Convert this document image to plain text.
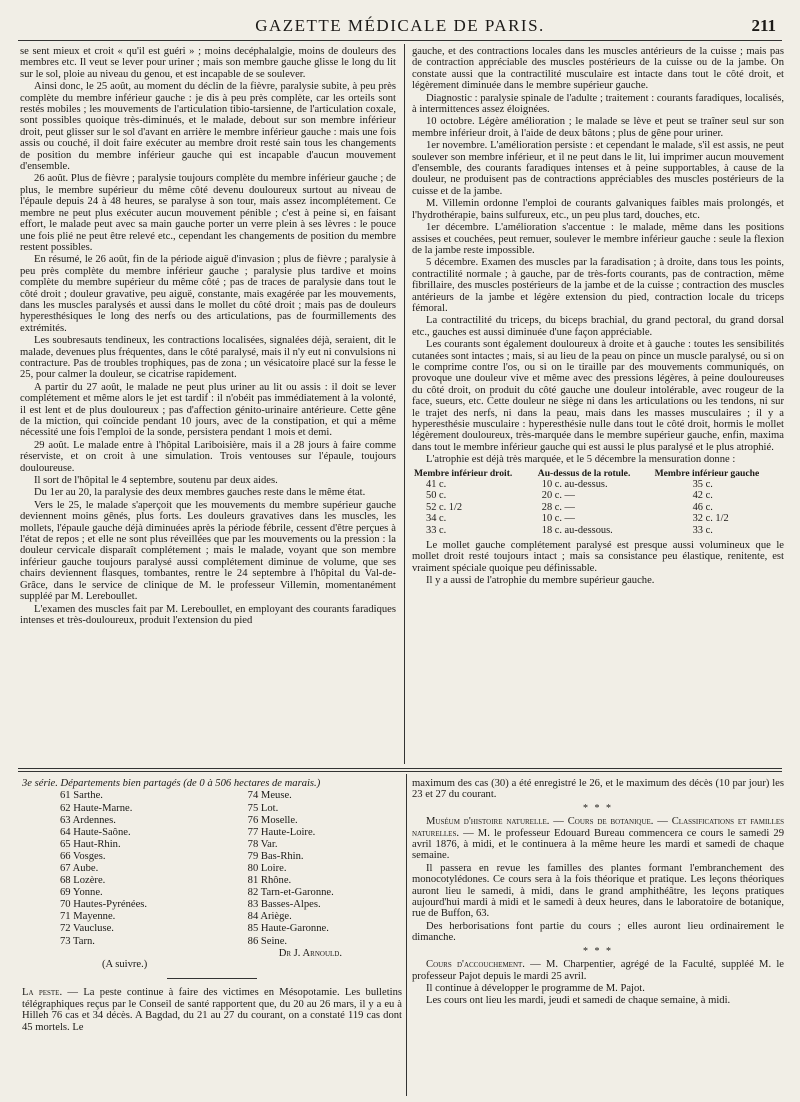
GAZETTE MÉDICALE DE PARIS.	211

se sent mieux et croit « qu'il est guéri » ; moins decéphalalgie, moins de douleurs des membres etc. Il veut se lever pour uriner ; mais son membre gauche glisse le long du lit sur le sol, ploie au niveau du genou, et est incapable de se soulever.

Ainsi donc, le 25 août, au moment du déclin de la fièvre, paralysie subite, à peu près complète du membre inférieur gauche : je dis à peu près complète, car les orteils sont restés mobiles ; les mouvements de l'articulation tibio-tarsienne, de l'articulation coxale, sont possibles quoique très-diminués, et le malade, debout sur son membre inférieur droit, peut glisser sur le sol d'avant en arrière le membre inférieur gauche : mais une fois assis ou couché, il doit faire exécuter au membre droit resté sain tous les changements de position du membre inférieur gauche qui est incapable d'aucun mouvement d'ensemble.

26 août. Plus de fièvre ; paralysie toujours complète du membre inférieur gauche ; de plus, le membre supérieur du même côté devenu douloureux surtout au niveau de l'épaule depuis 24 à 48 heures, se paralyse à son tour, mais assez incomplétement. Ce membre ne peut plus exécuter aucun mouvement pénible ; c'est à peine si, en faisant effort, le malade peut avec sa main gauche porter un verre plein à ses lèvres : le pouce une fois plié ne peut être relevé etc., cependant les changements de position du membre restent possibles.

En résumé, le 26 août, fin de la période aiguë d'invasion ; plus de fièvre ; paralysie à peu près complète du membre inférieur gauche ; paralysie plus tardive et moins complète du membre supérieur du même côté ; pas de traces de paralysie dans tout le côté droit ; douleur gravative, peu aiguë, constante, mais exagérée par les mouvements, dans les muscles paralysés et aussi dans le mollet du côté droit ; mais pas de douleurs hyperesthésiques le long des nerfs ou des articulations, pas de fourmillements des extrémités.

Les soubresauts tendineux, les contractions localisées, signalées déjà, seraient, dit le malade, devenues plus fréquentes, dans le côté paralysé, mais il n'y eut ni convulsions ni contracture. Pas de troubles trophiques, pas de zona ; un vésicatoire placé sur la fesse le 25, pour calmer la douleur, se cicatrise rapidement.

A partir du 27 août, le malade ne peut plus uriner au lit ou assis : il doit se lever complétement et même alors le jet est tardif : il n'obéit pas immédiatement à la volonté, il est lent et de plus douloureux ; pas d'affection génito-urinaire antérieure. Cette gêne de la miction, qui coïncide pendant 10 jours, avec de la constipation, et qui a même nécessité une fois l'emploi de la sonde, persistera pendant 1 mois et demi.

29 août. Le malade entre à l'hôpital Lariboisière, mais il a 28 jours à faire comme réserviste, et on croit à une simulation. Trois ventouses sur l'épaule, toujours douloureuse.

Il sort de l'hôpital le 4 septembre, soutenu par deux aides.

Du 1er au 20, la paralysie des deux membres gauches reste dans le même état.

Vers le 25, le malade s'aperçoit que les mouvements du membre supérieur gauche deviennent moins gênés, plus forts. Les douleurs gravatives dans les muscles, les mollets, l'épaule gauche déjà diminuées après la période fébrile, cessent d'être perçues à l'état de repos ; et elle ne sont plus réveillées que par les mouvements ou la pression : la douleur cervicale disparaît complétement ; mais le malade, voyant que son membre inférieur gauche toujours paralysé aussi complétement diminue de volume, que ses chairs deviennent flasques, tombantes, rentre le 24 septembre à l'hôpital du Val-de-Grâce, dans le service de clinique de M. le professeur Villemin, momentanément suppléé par M. Lereboullet.

L'examen des muscles fait par M. Lereboullet, en employant des courants faradiques intenses et très-douloureux, produit l'extension du pied

gauche, et des contractions locales dans les muscles antérieurs de la cuisse ; mais pas de contraction appréciable des muscles postérieurs de la cuisse ou de la jambe. On constate aussi que la contractilité musculaire est intacte dans tout le côté droit, et légèrement diminuée dans le membre supérieur gauche.

Diagnostic : paralysie spinale de l'adulte ; traitement : courants faradiques, localisés, à intermittences assez éloignées.

10 octobre. Légère amélioration ; le malade se lève et peut se traîner seul sur son membre inférieur droit, à l'aide de deux bâtons ; plus de gêne pour uriner.

1er novembre. L'amélioration persiste : et cependant le malade, s'il est assis, ne peut soulever son membre inférieur, et il ne peut dans le lit, lui imprimer aucun mouvement d'ensemble, des courants faradiques intenses et à peine supportables, à cause de la douleur, ne produisent pas de contractions appréciables des muscles postérieurs de la cuisse et de la jambe.

M. Villemin ordonne l'emploi de courants galvaniques faibles mais prolongés, et l'hydrothérapie, bains sulfureux, etc., un peu plus tard, douches, etc.

1er décembre. L'amélioration s'accentue : le malade, même dans les positions assises et couchées, peut remuer, soulever le membre inférieur gauche : seule la flexion de la jambe reste impossible.

5 décembre. Examen des muscles par la faradisation ; à droite, dans tous les points, contractilité normale ; à gauche, par de très-forts courants, pas de contraction, même fibrillaire, des muscles postérieurs de la jambe et de la cuisse ; contraction des muscles antérieurs de la jambe et légère extension du pied, contraction locale du triceps fémoral.

La contractilité du triceps, du biceps brachial, du grand pectoral, du grand dorsal etc., gauches est aussi diminuée d'une façon appréciable.

Les courants sont également douloureux à droite et à gauche : toutes les sensibilités cutanées sont intactes ; mais, si au lieu de la peau on pince un muscle paralysé, ou si on le comprime contre l'os, ou si on le tiraille par des mouvements communiqués, on provoque une douleur vive et même avec des pressions légères, à peine douloureuses du côté droit, on produit du côté gauche une douleur intolérable, avec rougeur de la face, sueurs, etc. Cette douleur ne siège ni dans les articulations ou les tendons, ni sur le trajet des nerfs, ni dans la peau, mais dans les masses musculaires ; il y a hyperesthésie musculaire : hyperesthésie nulle dans tout le côté droit, hormis le mollet légèrement douloureux, très-marquée dans le membre supérieur gauche, enfin, maxima dans tout le membre inférieur gauche qui est aussi le plus paralysé et le plus atrophié.

L'atrophie est déjà très marquée, et le 5 décembre la mensuration donne :

Membre inférieur droit.	Au-dessus de la rotule.	Membre inférieur gauche
41 c.	10 c. au-dessus.	35 c.
50 c.	20 c. —	42 c.
52 c. 1/2	28 c. —	46 c.
34 c.	10 c. —	32 c. 1/2
33 c.	18 c. au-dessous.	33 c.

Le mollet gauche complétement paralysé est presque aussi volumineux que le mollet droit resté toujours intact ; mais sa consistance peu élastique, renitente, est vraiment spéciale quoique peu définissable.

Il y a aussi de l'atrophie du membre supérieur gauche.

3e série. Départements bien partagés (de 0 à 506 hectares de marais.)

61 Sarthe.
62 Haute-Marne.
63 Ardennes.
64 Haute-Saône.
65 Haut-Rhin.
66 Vosges.
67 Aube.
68 Lozère.
69 Yonne.
70 Hautes-Pyrénées.
71 Mayenne.
72 Vaucluse.
73 Tarn.

74 Meuse.
75 Lot.
76 Moselle.
77 Haute-Loire.
78 Var.
79 Bas-Rhin.
80 Loire.
81 Rhône.
82 Tarn-et-Garonne.
83 Basses-Alpes.
84 Ariège.
85 Haute-Garonne.
86 Seine.
Dr J. Arnould.
(A suivre.)

La peste. — La peste continue à faire des victimes en Mésopotamie. Les bulletins télégraphiques reçus par le Conseil de santé rapportent que, du 20 au 26 mars, il y a eu à Hilleh 76 cas et 34 décès. A Bagdad, du 21 au 27 du courant, on a constaté 119 cas dont 45 mortels. Le

maximum des cas (30) a été enregistré le 26, et le maximum des décès (10 par jour) les 23 et 27 du courant.

* * *

Muséum d'histoire naturelle. — Cours de botanique. — Classifications et familles naturelles. — M. le professeur Edouard Bureau commencera ce cours le samedi 29 avril 1876, à midi, et le continuera à la même heure les mardi et samedi de chaque semaine.

Il passera en revue les familles des plantes formant l'embranchement des monocotylédones. Ce cours sera à la fois théorique et pratique. Les leçons théoriques auront lieu le samedi, à midi, dans le grand amphithéâtre, les leçons pratiques aujourd'hui mardi à midi et le samedi à deux heures, dans le laboratoire de botanique, rue de Buffon, 63.

Des herborisations font partie du cours ; elles auront lieu ordinairement le dimanche.

* * *

Cours d'accouchement. — M. Charpentier, agrégé de la Faculté, suppléé M. le professeur Pajot depuis le mardi 25 avril.

Il continue à développer le programme de M. Pajot.

Les cours ont lieu les mardi, jeudi et samedi de chaque semaine, à midi.
